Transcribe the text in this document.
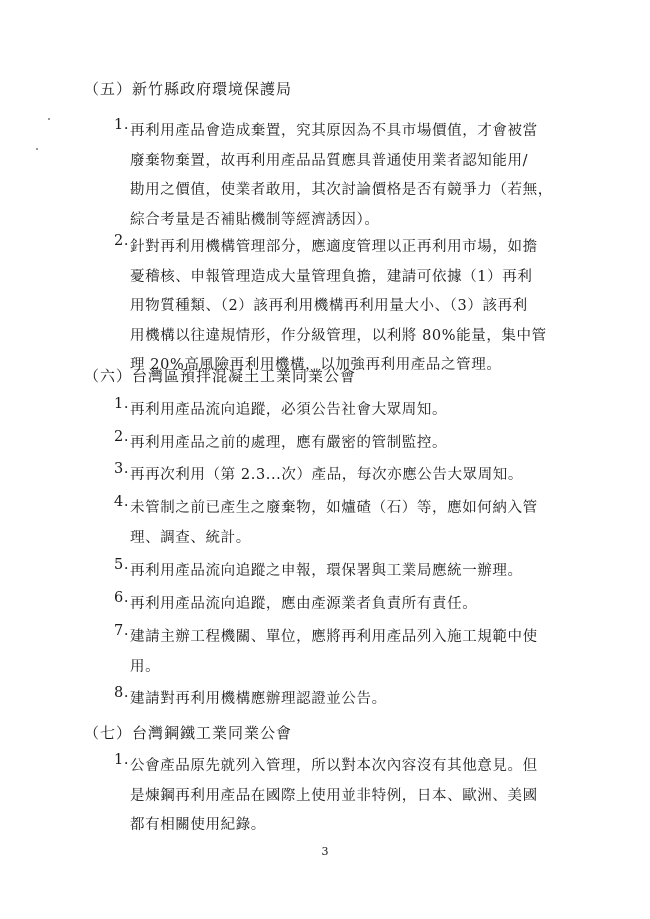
（五）新竹縣政府環境保護局
1. 再利用產品會造成棄置，究其原因為不具市場價值，才會被當
廢棄物棄置，故再利用產品品質應具普通使用業者認知能用/
勘用之價值，使業者敢用，其次討論價格是否有競爭力（若無，
綜合考量是否補貼機制等經濟誘因）。
2. 針對再利用機構管理部分，應適度管理以正再利用市場，如擔
憂稽核、申報管理造成大量管理負擔，建請可依據（1）再利
用物質種類、（2）該再利用機構再利用量大小、（3）該再利
用機構以往違規情形，作分級管理，以利將 80%能量，集中管
理 20%高風險再利用機構，以加強再利用產品之管理。
（六）台灣區預拌混凝土工業同業公會
1. 再利用產品流向追蹤，必須公告社會大眾周知。
2. 再利用產品之前的處理，應有嚴密的管制監控。
3. 再再次利用（第 2.3...次）產品，每次亦應公告大眾周知。
4. 未管制之前已產生之廢棄物，如爐碴（石）等，應如何納入管
理、調查、統計。
5. 再利用產品流向追蹤之申報，環保署與工業局應統一辦理。
6. 再利用產品流向追蹤，應由產源業者負責所有責任。
7. 建請主辦工程機關、單位，應將再利用產品列入施工規範中使
用。
8. 建請對再利用機構應辦理認證並公告。
（七）台灣鋼鐵工業同業公會
1. 公會產品原先就列入管理，所以對本次內容沒有其他意見。但
是煉鋼再利用產品在國際上使用並非特例，日本、歐洲、美國
都有相關使用紀錄。
3
